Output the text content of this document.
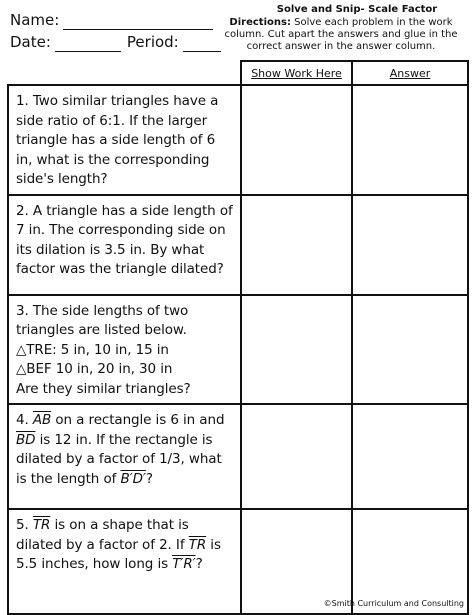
Name:
Date:	Period:
Solve and Snip- Scale Factor
Directions: Solve each problem in the work column. Cut apart the answers and glue in the correct answer in the answer column.
	Show Work Here	Answer

1. Two similar triangles have a side ratio of 6:1. If the larger triangle has a side length of 6 in, what is the corresponding side's length?		

2. A triangle has a side length of 7 in. The corresponding side on its dilation is 3.5 in. By what factor was the triangle dilated?		

3. The side lengths of two triangles are listed below.
△TRE: 5 in, 10 in, 15 in
△BEF 10 in, 20 in, 30 in
Are they similar triangles?		

4. $\overline{AB}$ on a rectangle is 6 in and $\overline{BD}$ is 12 in. If the rectangle is dilated by a factor of 1/3, what is the length of B′D′?		

5. $\overline{TR}$ is on a shape that is dilated by a factor of 2. If $\overline{TR}$ is 5.5 inches, how long is T′R′?		

©Smith Curriculum and Consulting
